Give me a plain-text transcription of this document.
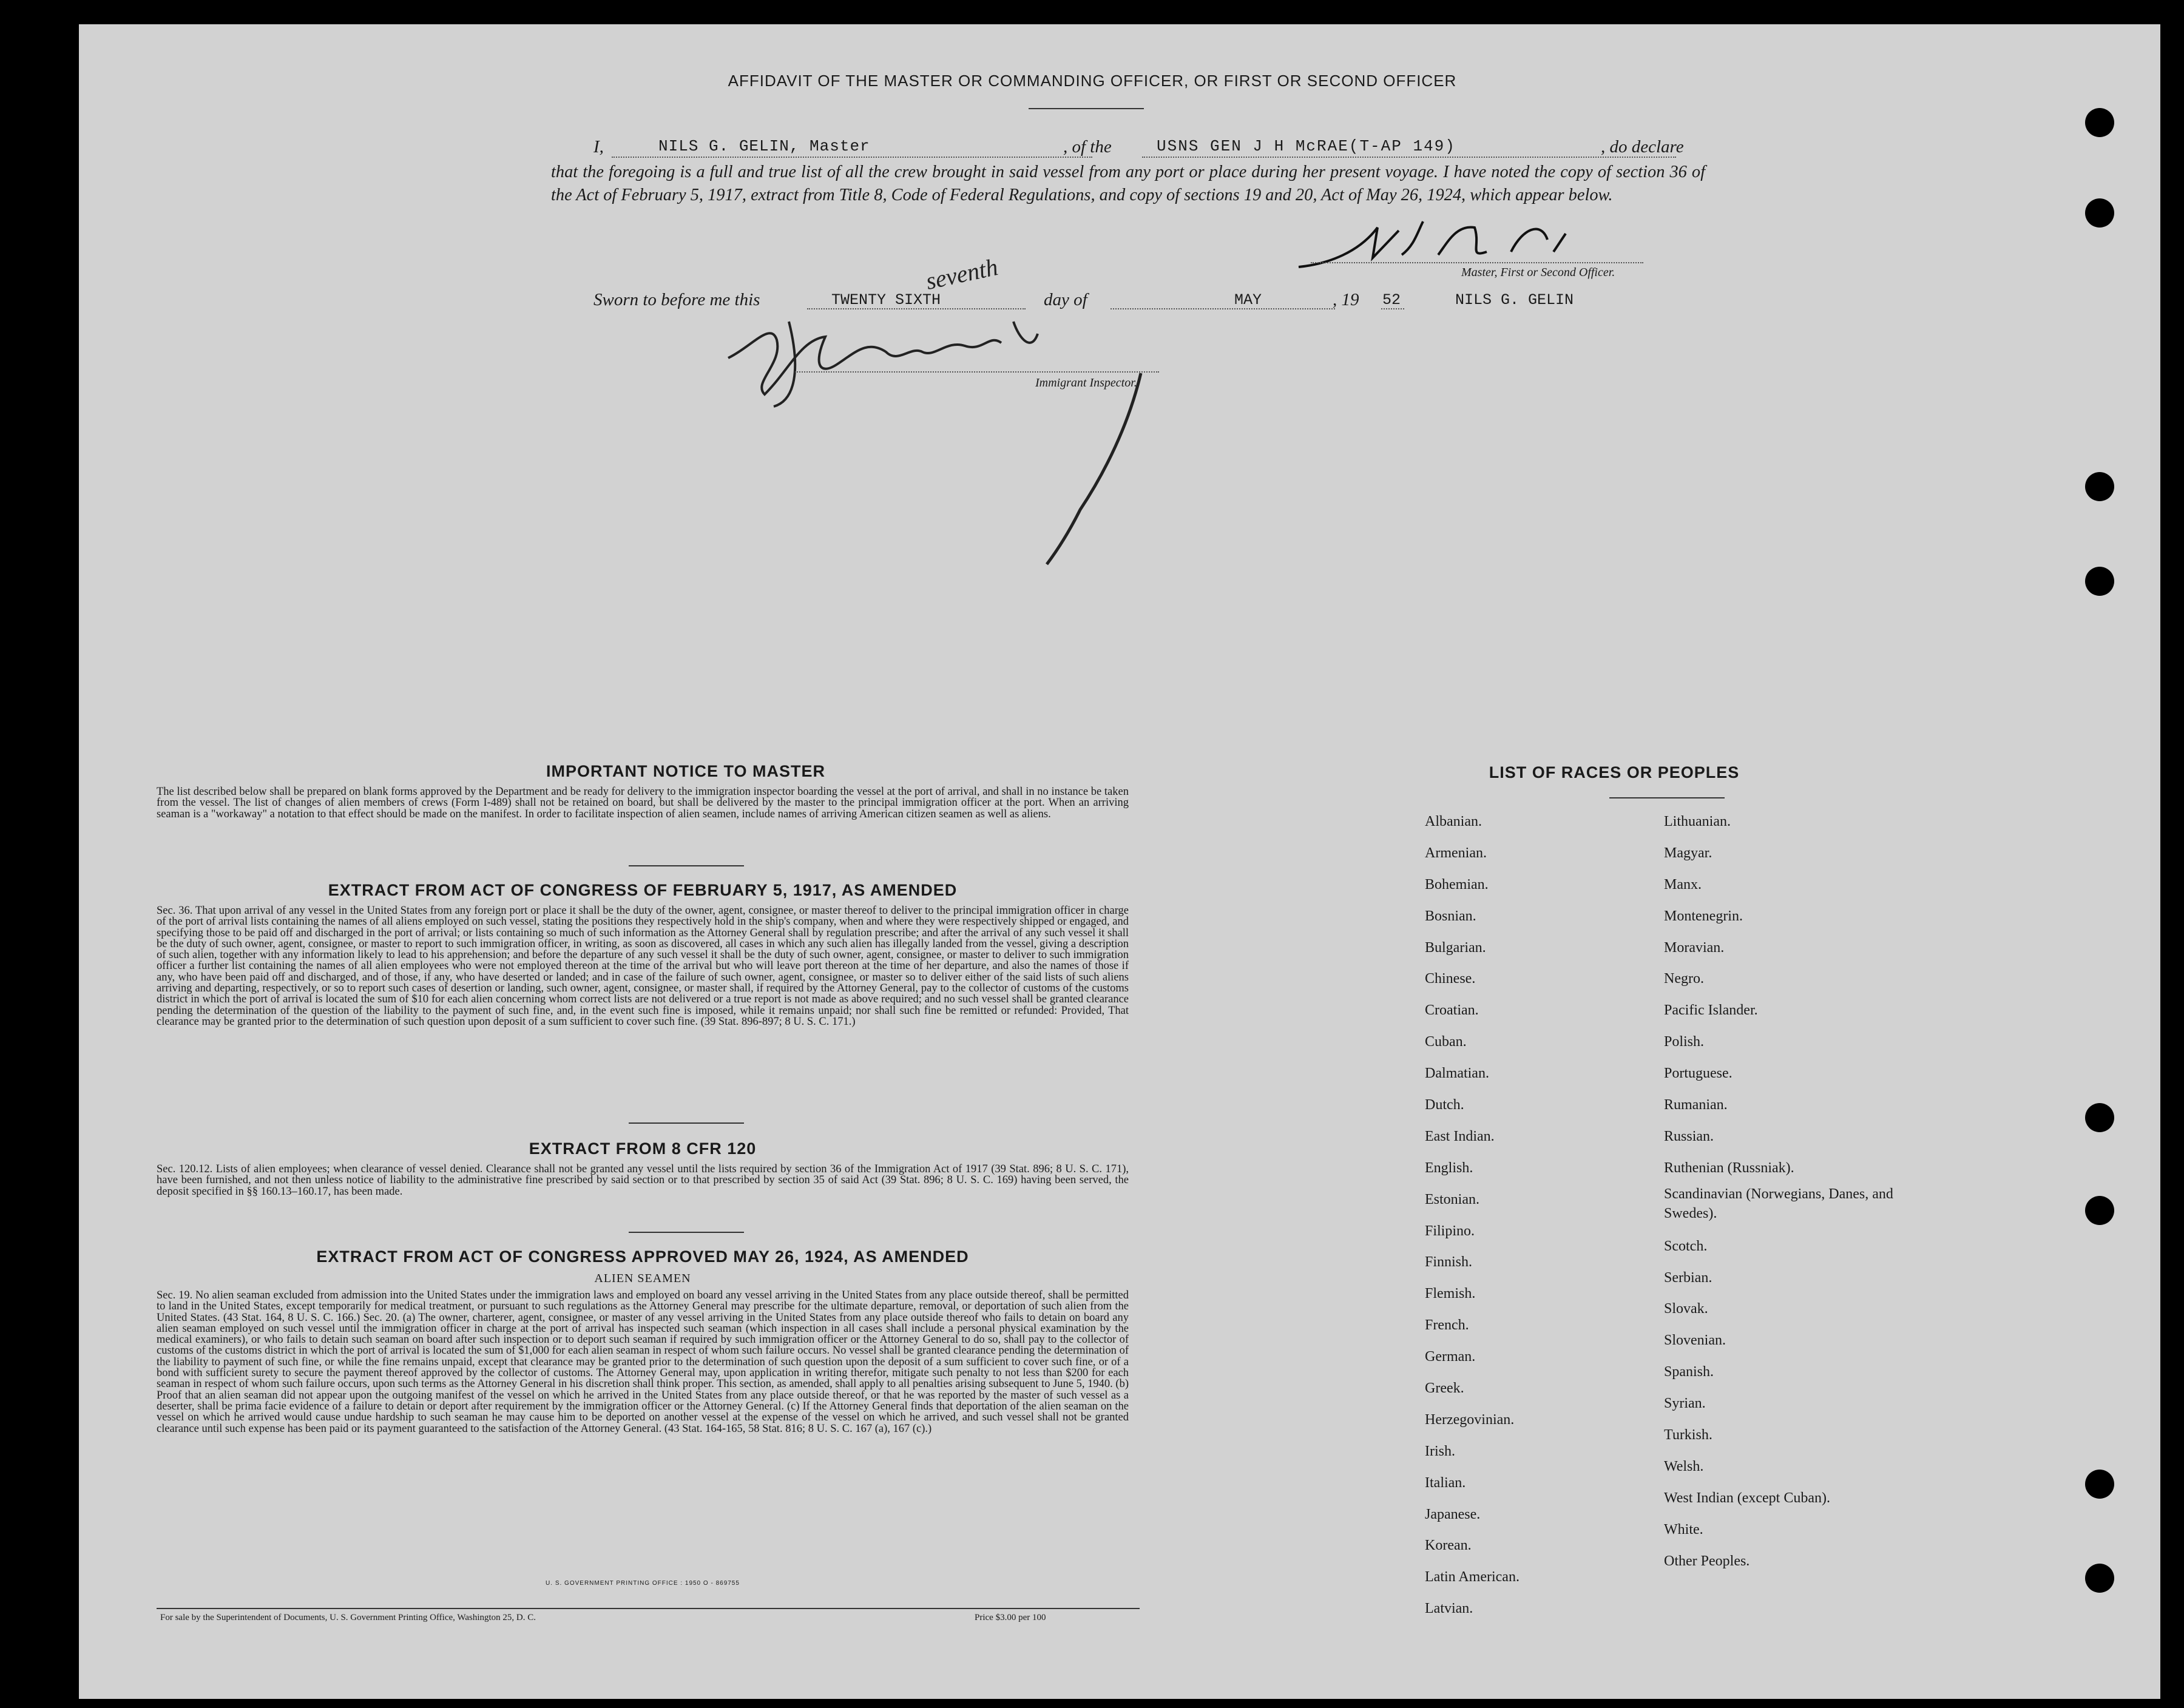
AFFIDAVIT OF THE MASTER OR COMMANDING OFFICER, OR FIRST OR SECOND OFFICER
I,	NILS G. GELIN, Master	, of the	USNS GEN J H McRAE(T-AP 149)	, do declare
that the foregoing is a full and true list of all the crew brought in said vessel from any port or place during her present voyage. I have noted the copy of section 36 of the Act of February 5, 1917, extract from Title 8, Code of Federal Regulations, and copy of sections 19 and 20, Act of May 26, 1924, which appear below.
Master, First or Second Officer.
Sworn to before me this	TWENTY SIXTH
seventh
day of	MAY	, 19 52	NILS G. GELIN
Immigrant Inspector.
IMPORTANT NOTICE TO MASTER
The list described below shall be prepared on blank forms approved by the Department and be ready for delivery to the immigration inspector boarding the vessel at the port of arrival, and shall in no instance be taken from the vessel. The list of changes of alien members of crews (Form I-489) shall not be retained on board, but shall be delivered by the master to the principal immigration officer at the port. When an arriving seaman is a "workaway" a notation to that effect should be made on the manifest. In order to facilitate inspection of alien seamen, include names of arriving American citizen seamen as well as aliens.
EXTRACT FROM ACT OF CONGRESS OF FEBRUARY 5, 1917, AS AMENDED
Sec. 36. That upon arrival of any vessel in the United States from any foreign port or place it shall be the duty of the owner, agent, consignee, or master thereof to deliver to the principal immigration officer in charge of the port of arrival lists containing the names of all aliens employed on such vessel, stating the positions they respectively hold in the ship's company, when and where they were respectively shipped or engaged, and specifying those to be paid off and discharged in the port of arrival; or lists containing so much of such information as the Attorney General shall by regulation prescribe; and after the arrival of any such vessel it shall be the duty of such owner, agent, consignee, or master to report to such immigration officer, in writing, as soon as discovered, all cases in which any such alien has illegally landed from the vessel, giving a description of such alien, together with any information likely to lead to his apprehension; and before the departure of any such vessel it shall be the duty of such owner, agent, consignee, or master to deliver to such immigration officer a further list containing the names of all alien employees who were not employed thereon at the time of the arrival but who will leave port thereon at the time of her departure, and also the names of those if any, who have been paid off and discharged, and of those, if any, who have deserted or landed; and in case of the failure of such owner, agent, consignee, or master so to deliver either of the said lists of such aliens arriving and departing, respectively, or so to report such cases of desertion or landing, such owner, agent, consignee, or master shall, if required by the Attorney General, pay to the collector of customs of the customs district in which the port of arrival is located the sum of $10 for each alien concerning whom correct lists are not delivered or a true report is not made as above required; and no such vessel shall be granted clearance pending the determination of the question of the liability to the payment of such fine, and, in the event such fine is imposed, while it remains unpaid; nor shall such fine be remitted or refunded: Provided, That clearance may be granted prior to the determination of such question upon deposit of a sum sufficient to cover such fine. (39 Stat. 896-897; 8 U. S. C. 171.)
EXTRACT FROM 8 CFR 120
Sec. 120.12. Lists of alien employees; when clearance of vessel denied. Clearance shall not be granted any vessel until the lists required by section 36 of the Immigration Act of 1917 (39 Stat. 896; 8 U. S. C. 171), have been furnished, and not then unless notice of liability to the administrative fine prescribed by said section or to that prescribed by section 35 of said Act (39 Stat. 896; 8 U. S. C. 169) having been served, the deposit specified in §§ 160.13–160.17, has been made.
EXTRACT FROM ACT OF CONGRESS APPROVED MAY 26, 1924, AS AMENDED
ALIEN SEAMEN
Sec. 19. No alien seaman excluded from admission into the United States under the immigration laws and employed on board any vessel arriving in the United States from any place outside thereof, shall be permitted to land in the United States, except temporarily for medical treatment, or pursuant to such regulations as the Attorney General may prescribe for the ultimate departure, removal, or deportation of such alien from the United States. (43 Stat. 164, 8 U. S. C. 166.) Sec. 20. (a) The owner, charterer, agent, consignee, or master of any vessel arriving in the United States from any place outside thereof who fails to detain on board any alien seaman employed on such vessel until the immigration officer in charge at the port of arrival has inspected such seaman (which inspection in all cases shall include a personal physical examination by the medical examiners), or who fails to detain such seaman on board after such inspection or to deport such seaman if required by such immigration officer or the Attorney General to do so, shall pay to the collector of customs of the customs district in which the port of arrival is located the sum of $1,000 for each alien seaman in respect of whom such failure occurs. No vessel shall be granted clearance pending the determination of the liability to payment of such fine, or while the fine remains unpaid, except that clearance may be granted prior to the determination of such question upon the deposit of a sum sufficient to cover such fine, or of a bond with sufficient surety to secure the payment thereof approved by the collector of customs. The Attorney General may, upon application in writing therefor, mitigate such penalty to not less than $200 for each seaman in respect of whom such failure occurs, upon such terms as the Attorney General in his discretion shall think proper. This section, as amended, shall apply to all penalties arising subsequent to June 5, 1940. (b) Proof that an alien seaman did not appear upon the outgoing manifest of the vessel on which he arrived in the United States from any place outside thereof, or that he was reported by the master of such vessel as a deserter, shall be prima facie evidence of a failure to detain or deport after requirement by the immigration officer or the Attorney General. (c) If the Attorney General finds that deportation of the alien seaman on the vessel on which he arrived would cause undue hardship to such seaman he may cause him to be deported on another vessel at the expense of the vessel on which he arrived, and such vessel shall not be granted clearance until such expense has been paid or its payment guaranteed to the satisfaction of the Attorney General. (43 Stat. 164-165, 58 Stat. 816; 8 U. S. C. 167 (a), 167 (c).)
U. S. GOVERNMENT PRINTING OFFICE : 1950 O - 869755
For sale by the Superintendent of Documents, U. S. Government Printing Office, Washington 25, D. C.	Price $3.00 per 100
LIST OF RACES OR PEOPLES
Albanian.
Armenian.
Bohemian.
Bosnian.
Bulgarian.
Chinese.
Croatian.
Cuban.
Dalmatian.
Dutch.
East Indian.
English.
Estonian.
Filipino.
Finnish.
Flemish.
French.
German.
Greek.
Herzegovinian.
Irish.
Italian.
Japanese.
Korean.
Latin American.
Latvian.
Lithuanian.
Magyar.
Manx.
Montenegrin.
Moravian.
Negro.
Pacific Islander.
Polish.
Portuguese.
Rumanian.
Russian.
Ruthenian (Russniak).
Scandinavian (Norwegians, Danes, and Swedes).
Scotch.
Serbian.
Slovak.
Slovenian.
Spanish.
Syrian.
Turkish.
Welsh.
West Indian (except Cuban).
White.
Other Peoples.
